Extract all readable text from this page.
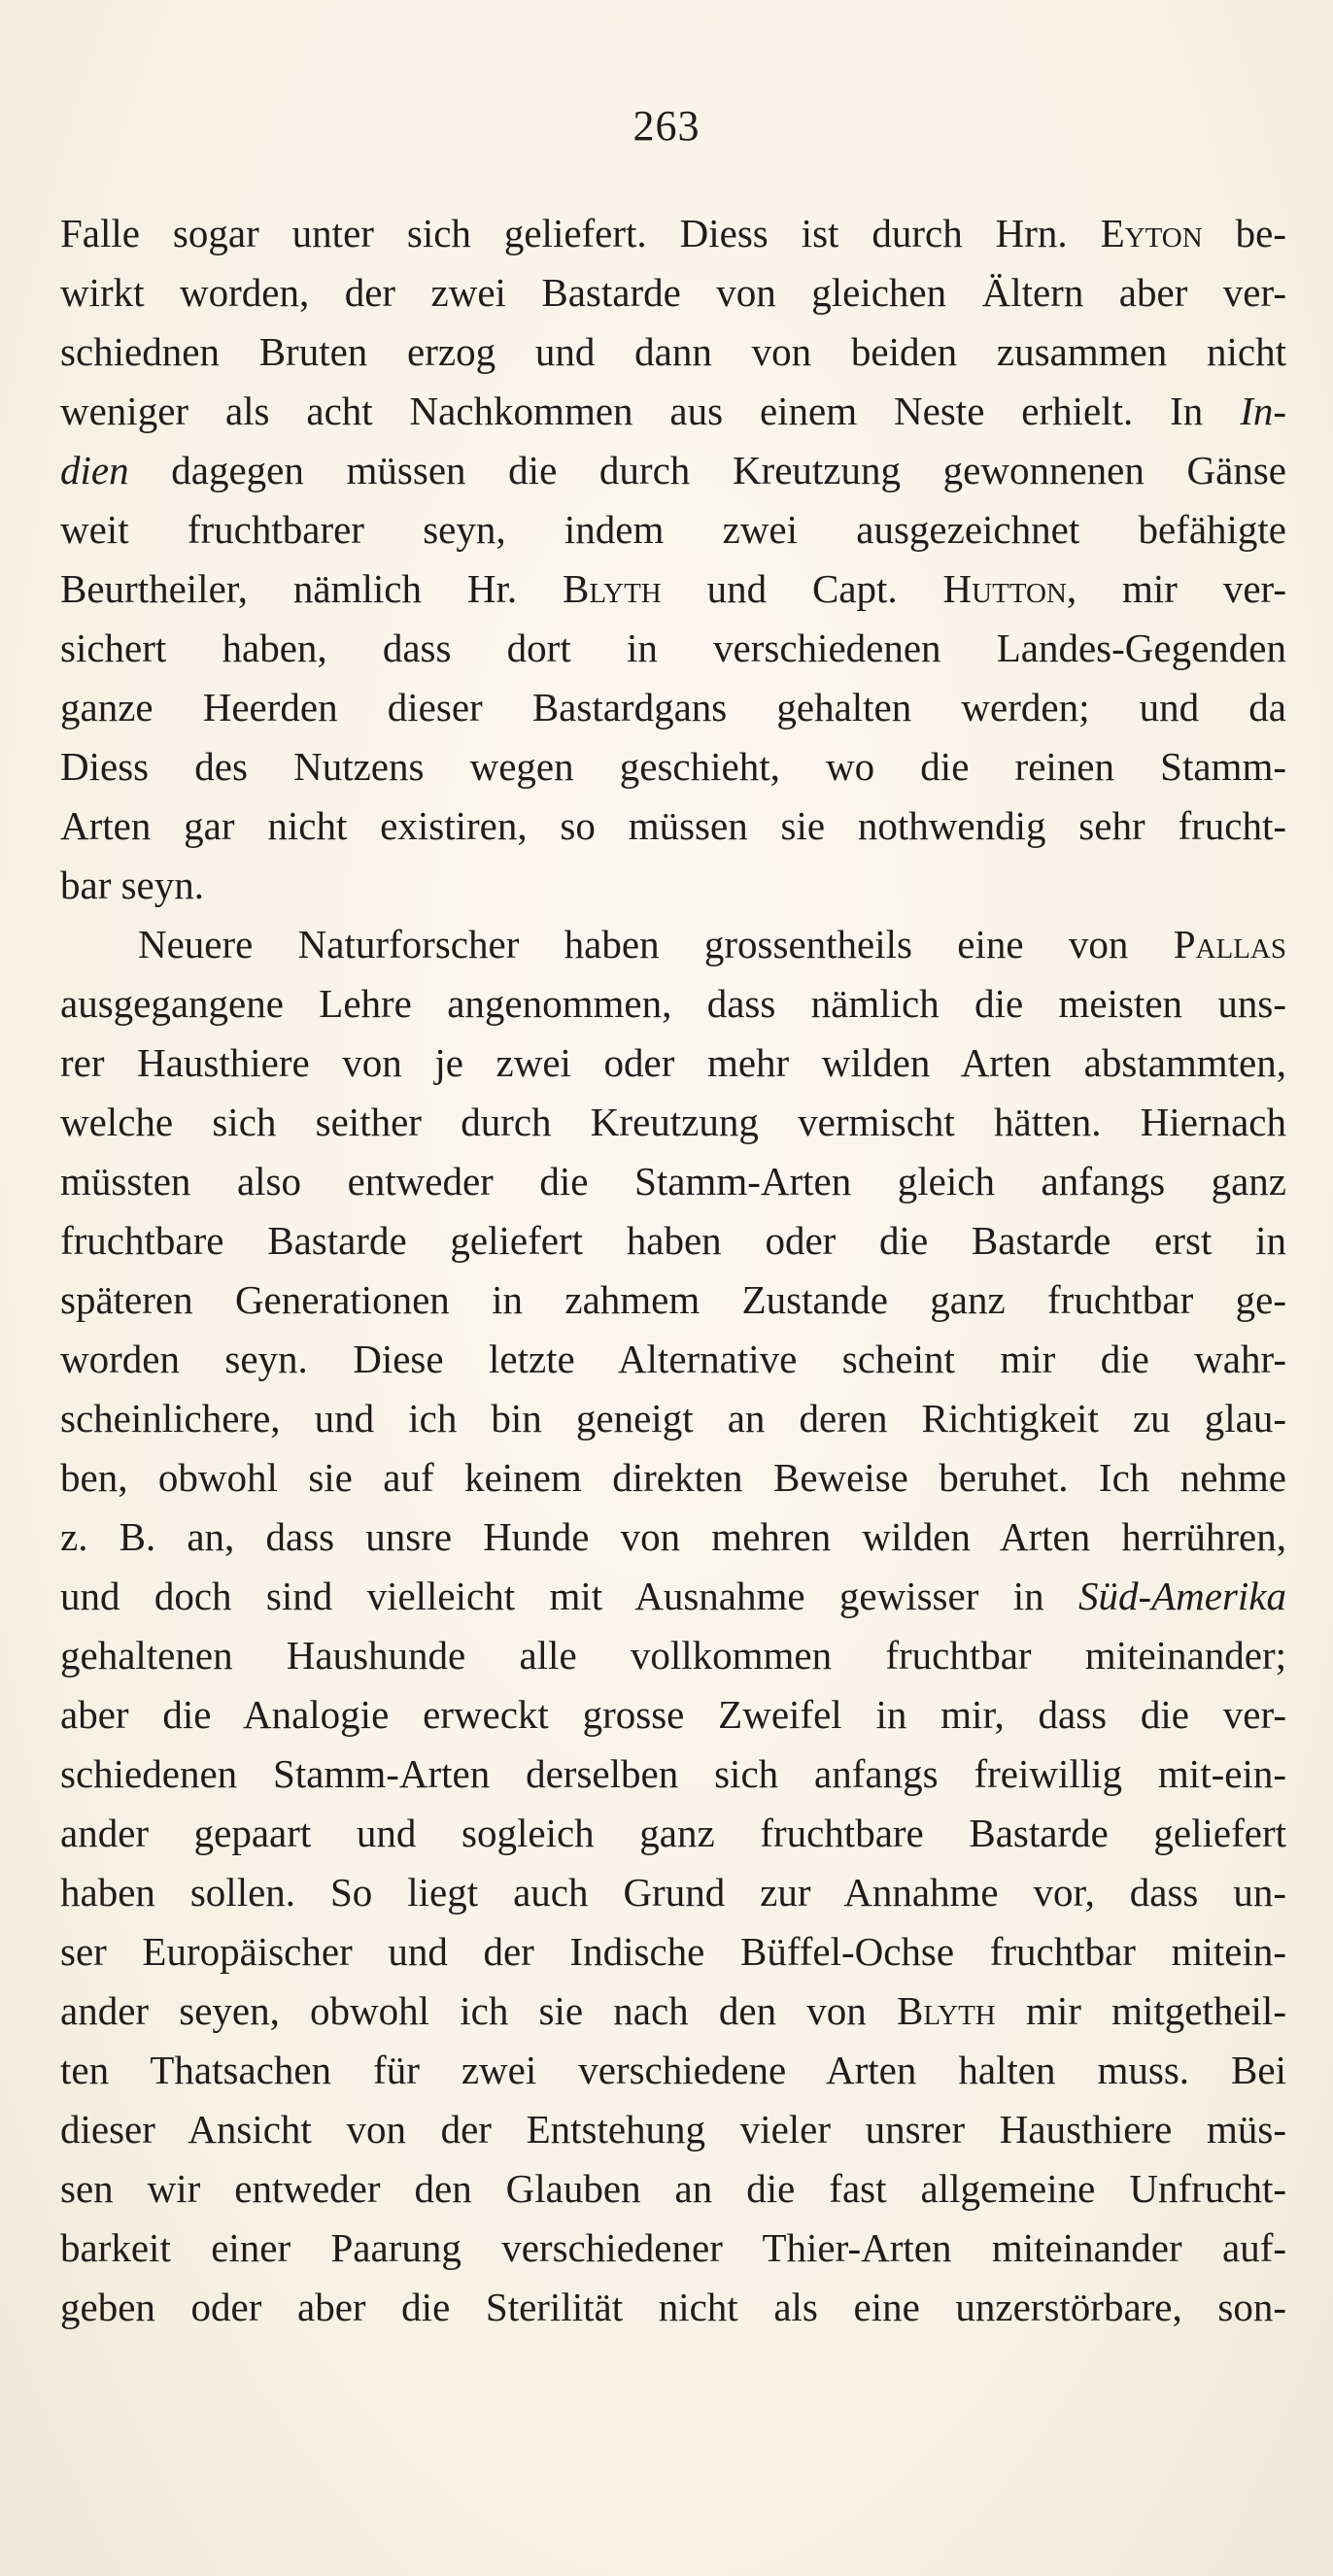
263
Falle sogar unter sich geliefert. Diess ist durch Hrn. Eyton be-
wirkt worden, der zwei Bastarde von gleichen Ältern aber ver-
schiednen Bruten erzog und dann von beiden zusammen nicht
weniger als acht Nachkommen aus einem Neste erhielt. In In-
dien dagegen müssen die durch Kreutzung gewonnenen Gänse
weit fruchtbarer seyn, indem zwei ausgezeichnet befähigte
Beurtheiler, nämlich Hr. Blyth und Capt. Hutton, mir ver-
sichert haben, dass dort in verschiedenen Landes-Gegenden
ganze Heerden dieser Bastardgans gehalten werden; und da
Diess des Nutzens wegen geschieht, wo die reinen Stamm-
Arten gar nicht existiren, so müssen sie nothwendig sehr frucht-
bar seyn.
Neuere Naturforscher haben grossentheils eine von Pallas
ausgegangene Lehre angenommen, dass nämlich die meisten uns-
rer Hausthiere von je zwei oder mehr wilden Arten abstammten,
welche sich seither durch Kreutzung vermischt hätten. Hiernach
müssten also entweder die Stamm-Arten gleich anfangs ganz
fruchtbare Bastarde geliefert haben oder die Bastarde erst in
späteren Generationen in zahmem Zustande ganz fruchtbar ge-
worden seyn. Diese letzte Alternative scheint mir die wahr-
scheinlichere, und ich bin geneigt an deren Richtigkeit zu glau-
ben, obwohl sie auf keinem direkten Beweise beruhet. Ich nehme
z. B. an, dass unsre Hunde von mehren wilden Arten herrühren,
und doch sind vielleicht mit Ausnahme gewisser in Süd-Amerika
gehaltenen Haushunde alle vollkommen fruchtbar miteinander;
aber die Analogie erweckt grosse Zweifel in mir, dass die ver-
schiedenen Stamm-Arten derselben sich anfangs freiwillig mit-ein-
ander gepaart und sogleich ganz fruchtbare Bastarde geliefert
haben sollen. So liegt auch Grund zur Annahme vor, dass un-
ser Europäischer und der Indische Büffel-Ochse fruchtbar mitein-
ander seyen, obwohl ich sie nach den von Blyth mir mitgetheil-
ten Thatsachen für zwei verschiedene Arten halten muss. Bei
dieser Ansicht von der Entstehung vieler unsrer Hausthiere müs-
sen wir entweder den Glauben an die fast allgemeine Unfrucht-
barkeit einer Paarung verschiedener Thier-Arten miteinander auf-
geben oder aber die Sterilität nicht als eine unzerstörbare, son-
